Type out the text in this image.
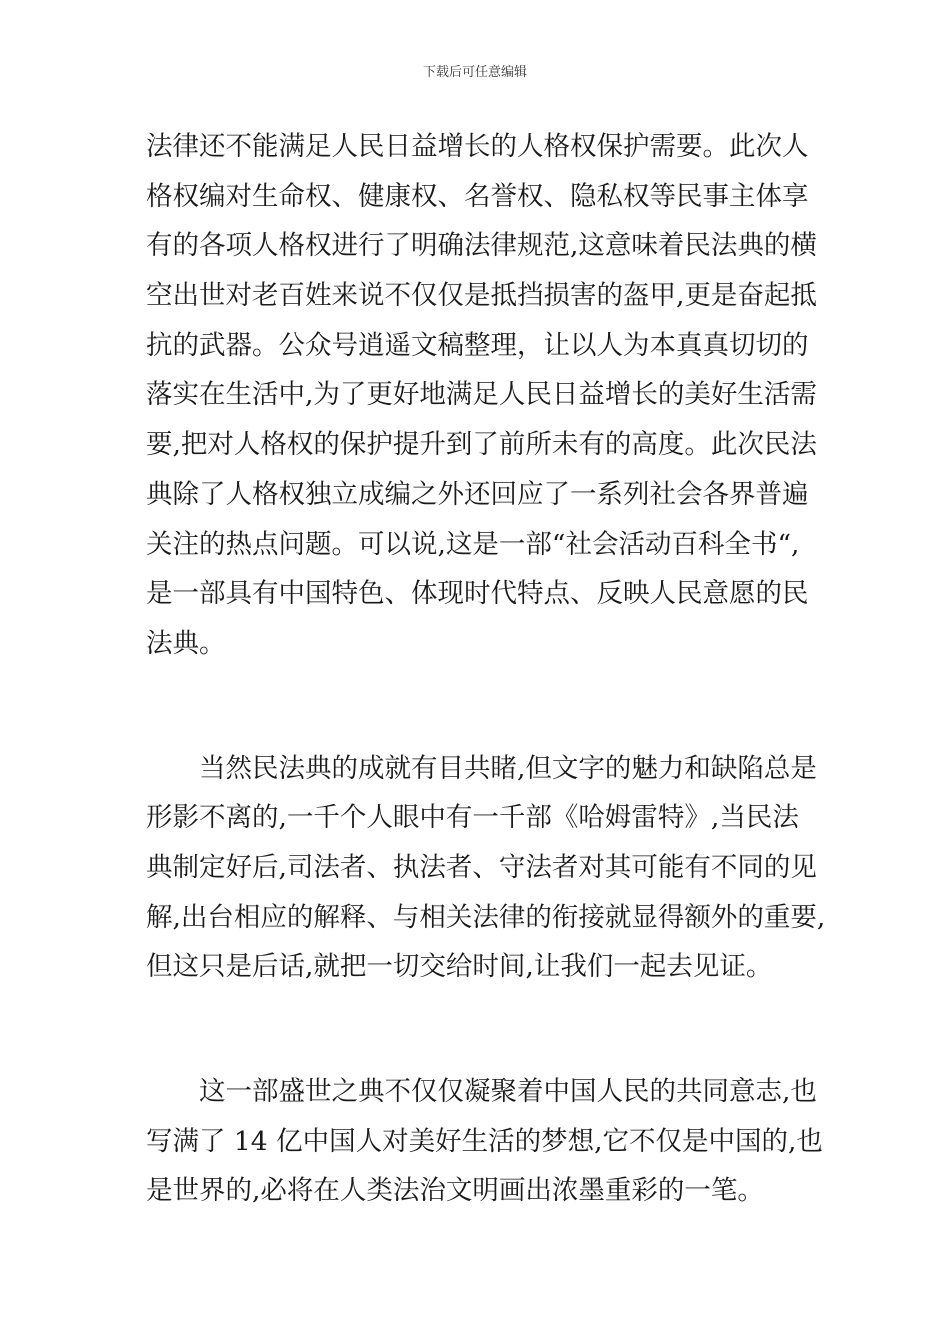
下载后可任意编辑
法律还不能满足人民日益增长的人格权保护需要。此次人
格权编对生命权、健康权、名誉权、隐私权等民事主体享
有的各项人格权进行了明确法律规范,这意味着民法典的横
空出世对老百姓来说不仅仅是抵挡损害的盔甲,更是奋起抵
抗的武器。公众号逍遥文稿整理，让以人为本真真切切的
落实在生活中,为了更好地满足人民日益增长的美好生活需
要,把对人格权的保护提升到了前所未有的高度。此次民法
典除了人格权独立成编之外还回应了一系列社会各界普遍
关注的热点问题。可以说,这是一部“社会活动百科全书“,
是一部具有中国特色、体现时代特点、反映人民意愿的民
法典。
当然民法典的成就有目共睹,但文字的魅力和缺陷总是
形影不离的,一千个人眼中有一千部《哈姆雷特》,当民法
典制定好后,司法者、执法者、守法者对其可能有不同的见
解,出台相应的解释、与相关法律的衔接就显得额外的重要,
但这只是后话,就把一切交给时间,让我们一起去见证。
这一部盛世之典不仅仅凝聚着中国人民的共同意志,也
写满了 14 亿中国人对美好生活的梦想,它不仅是中国的,也
是世界的,必将在人类法治文明画出浓墨重彩的一笔。
